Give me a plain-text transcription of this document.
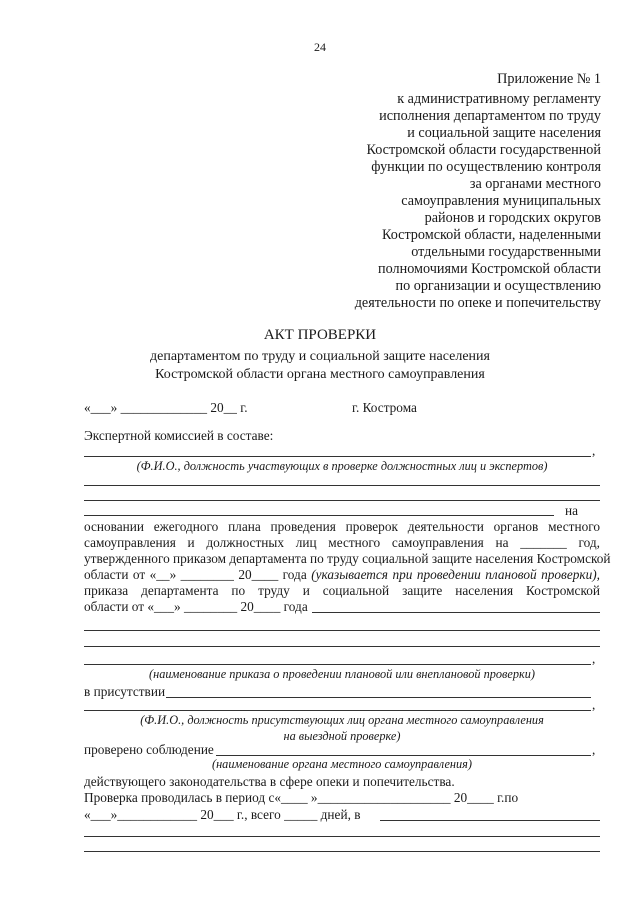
24
Приложение № 1
к административному регламенту
исполнения департаментом по труду
и социальной защите населения
Костромской области государственной
функции по осуществлению контроля
за органами местного
самоуправления муниципальных
районов и городских округов
Костромской области, наделенными
отдельными государственными
полномочиями Костромской области
по организации и осуществлению
деятельности по опеке и попечительству
АКТ ПРОВЕРКИ
департаментом по труду и социальной защите населения
Костромской области органа местного самоуправления
«___» _____________ 20__ г.	г. Кострома
Экспертной комиссией в составе:
,
(Ф.И.О., должность участвующих в проверке должностных лиц и экспертов)
на
основании ежегодного плана проведения проверок деятельности органов местного
самоуправления и должностных лиц местного самоуправления на _______ год,
утвержденного приказом департамента по труду социальной защите населения Костромской
области от «__» ________ 20____ года (указывается при проведении плановой проверки),
приказа департамента по труду и социальной защите населения Костромской
области от «___» ________ 20____ года
,
(наименование приказа о проведении плановой или внеплановой проверки)
в присутствии
,
(Ф.И.О., должность присутствующих лиц органа местного самоуправления
на выездной проверке)
проверено соблюдение	,
(наименование органа местного самоуправления)
действующего законодательства в сфере опеки и попечительства.
Проверка проводилась в период с«____ »____________________ 20____ г.по
«___»____________ 20___ г., всего _____ дней, в
